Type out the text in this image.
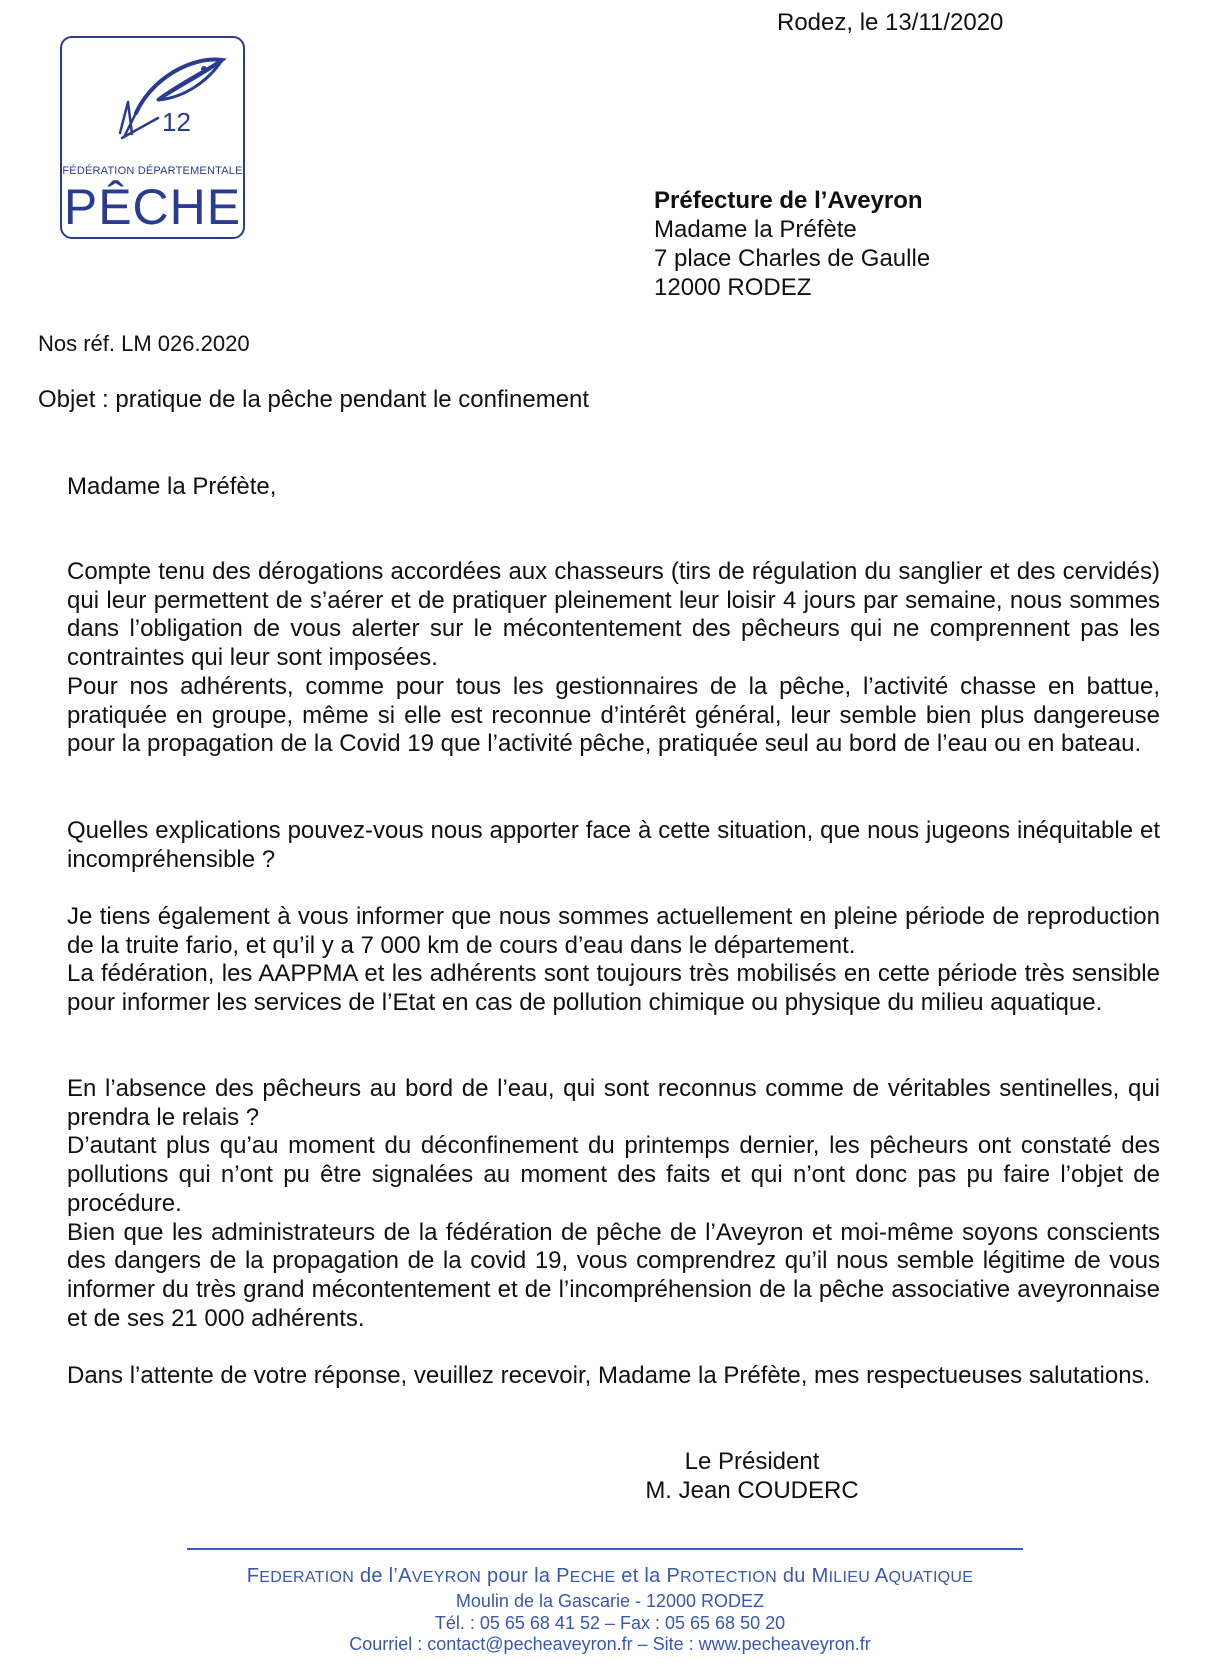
Rodez, le 13/11/2020
12
FÉDÉRATION DÉPARTEMENTALE
PÊCHE	Préfecture de l’Aveyron
Madame la Préfète
7 place Charles de Gaulle
12000 RODEZ
Nos réf. LM 026.2020
Objet : pratique de la pêche pendant le confinement
Madame la Préfète,

Compte tenu des dérogations accordées aux chasseurs (tirs de régulation du sanglier et des cervidés) qui leur permettent de s’aérer et de pratiquer pleinement leur loisir 4 jours par semaine, nous sommes dans l’obligation de vous alerter sur le mécontentement des pêcheurs qui ne comprennent pas les contraintes qui leur sont imposées.

Pour nos adhérents, comme pour tous les gestionnaires de la pêche, l’activité chasse en battue, pratiquée en groupe, même si elle est reconnue d’intérêt général, leur semble bien plus dangereuse pour la propagation de la Covid 19 que l’activité pêche, pratiquée seul au bord de l’eau ou en bateau.

Quelles explications pouvez-vous nous apporter face à cette situation, que nous jugeons inéquitable et incompréhensible ?

Je tiens également à vous informer que nous sommes actuellement en pleine période de reproduction de la truite fario, et qu’il y a 7 000 km de cours d’eau dans le département.

La fédération, les AAPPMA et les adhérents sont toujours très mobilisés en cette période très sensible pour informer les services de l’Etat en cas de pollution chimique ou physique du milieu aquatique.

En l’absence des pêcheurs au bord de l’eau, qui sont reconnus comme de véritables sentinelles, qui prendra le relais ?

D’autant plus qu’au moment du déconfinement du printemps dernier, les pêcheurs ont constaté des pollutions qui n’ont pu être signalées au moment des faits et qui n’ont donc pas pu faire l’objet de procédure.

Bien que les administrateurs de la fédération de pêche de l’Aveyron et moi-même soyons conscients des dangers de la propagation de la covid 19, vous comprendrez qu’il nous semble légitime de vous informer du très grand mécontentement et de l’incompréhension de la pêche associative aveyronnaise et de ses 21 000 adhérents.

Dans l’attente de votre réponse, veuillez recevoir, Madame la Préfète, mes respectueuses salutations.

Le Président
M. Jean COUDERC
FEDERATION de l’AVEYRON pour la PECHE et la PROTECTION du MILIEU AQUATIQUE
Moulin de la Gascarie - 12000 RODEZ
Tél. : 05 65 68 41 52 – Fax : 05 65 68 50 20
Courriel : contact@pecheaveyron.fr – Site : www.pecheaveyron.fr
